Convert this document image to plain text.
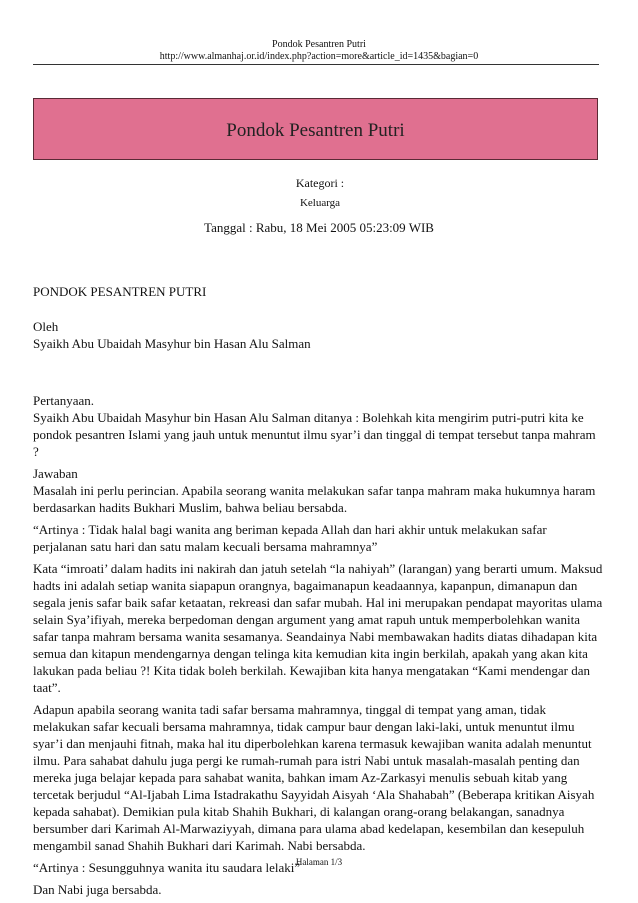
Pondok Pesantren Putri
http://www.almanhaj.or.id/index.php?action=more&article_id=1435&bagian=0
Pondok Pesantren Putri
Kategori :
Keluarga
Tanggal : Rabu, 18 Mei 2005 05:23:09 WIB

PONDOK PESANTREN PUTRI

Oleh

Syaikh Abu Ubaidah Masyhur bin Hasan Alu Salman

Pertanyaan.

Syaikh Abu Ubaidah Masyhur bin Hasan Alu Salman ditanya : Bolehkah kita mengirim putri-putri kita ke pondok pesantren Islami yang jauh untuk menuntut ilmu syar’i dan tinggal di tempat tersebut tanpa mahram ?

Jawaban

Masalah ini perlu perincian. Apabila seorang wanita melakukan safar tanpa mahram maka hukumnya haram berdasarkan hadits Bukhari Muslim, bahwa beliau bersabda.

“Artinya : Tidak halal bagi wanita ang beriman kepada Allah dan hari akhir untuk melakukan safar perjalanan satu hari dan satu malam kecuali bersama mahramnya”

Kata “imroati’ dalam hadits ini nakirah dan jatuh setelah “la nahiyah” (larangan) yang berarti umum. Maksud hadts ini adalah setiap wanita siapapun orangnya, bagaimanapun keadaannya, kapanpun, dimanapun dan segala jenis safar baik safar ketaatan, rekreasi dan safar mubah. Hal ini merupakan pendapat mayoritas ulama selain Sya’ifiyah, mereka berpedoman dengan argument yang amat rapuh untuk memperbolehkan wanita safar tanpa mahram bersama wanita sesamanya. Seandainya Nabi membawakan hadits diatas dihadapan kita semua dan kitapun mendengarnya dengan telinga kita kemudian kita ingin berkilah, apakah yang akan kita lakukan pada beliau ?! Kita tidak boleh berkilah. Kewajiban kita hanya mengatakan “Kami mendengar dan taat”.

Adapun apabila seorang wanita tadi safar bersama mahramnya, tinggal di tempat yang aman, tidak melakukan safar kecuali bersama mahramnya, tidak campur baur dengan laki-laki, untuk menuntut ilmu syar’i dan menjauhi fitnah, maka hal itu diperbolehkan karena termasuk kewajiban wanita adalah menuntut ilmu. Para sahabat dahulu juga pergi ke rumah-rumah para istri Nabi untuk masalah-masalah penting dan mereka juga belajar kepada para sahabat wanita, bahkan imam Az-Zarkasyi menulis sebuah kitab yang tercetak berjudul “Al-Ijabah Lima Istadrakathu Sayyidah Aisyah ‘Ala Shahabah” (Beberapa kritikan Aisyah kepada sahabat). Demikian pula kitab Shahih Bukhari, di kalangan orang-orang belakangan, sanadnya bersumber dari Karimah Al-Marwaziyyah, dimana para ulama abad kedelapan, kesembilan dan kesepuluh mengambil sanad Shahih Bukhari dari Karimah. Nabi bersabda.

“Artinya : Sesungguhnya wanita itu saudara lelaki”

Dan Nabi juga bersabda.

Halaman 1/3
